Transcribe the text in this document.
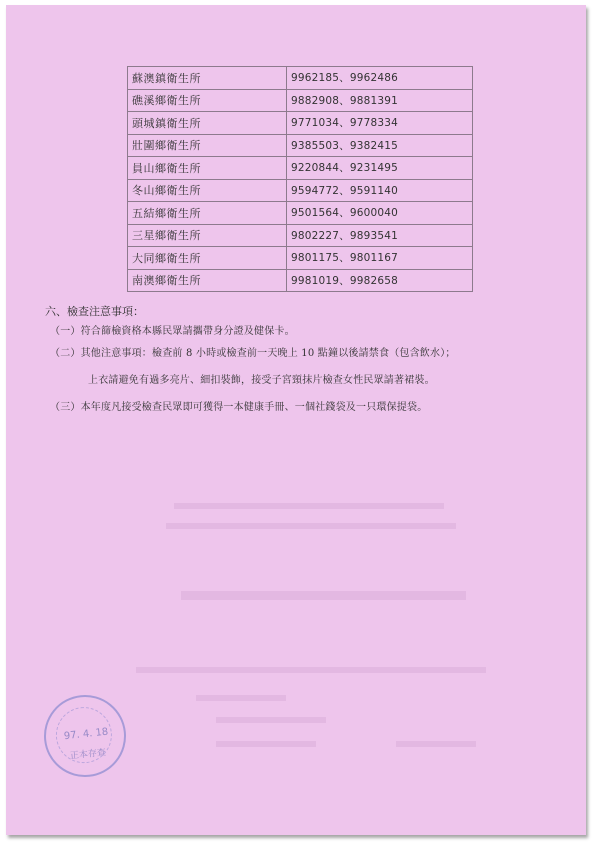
蘇澳鎮衛生所	9962185、9962486
礁溪鄉衛生所	9882908、9881391
頭城鎮衛生所	9771034、9778334
壯圍鄉衛生所	9385503、9382415
員山鄉衛生所	9220844、9231495
冬山鄉衛生所	9594772、9591140
五結鄉衛生所	9501564、9600040
三星鄉衛生所	9802227、9893541
大同鄉衛生所	9801175、9801167
南澳鄉衛生所	9981019、9982658
六、檢查注意事項：
（一）符合篩檢資格本縣民眾請攜帶身分證及健保卡。
（二）其他注意事項：檢查前 8 小時或檢查前一天晚上 10 點鐘以後請禁食（包含飲水）；
上衣請避免有過多亮片、細扣裝飾，接受子宮頸抹片檢查女性民眾請著裙裝。
（三）本年度凡接受檢查民眾即可獲得一本健康手冊、一個社錢袋及一只環保提袋。
97. 4. 18
正本存查
